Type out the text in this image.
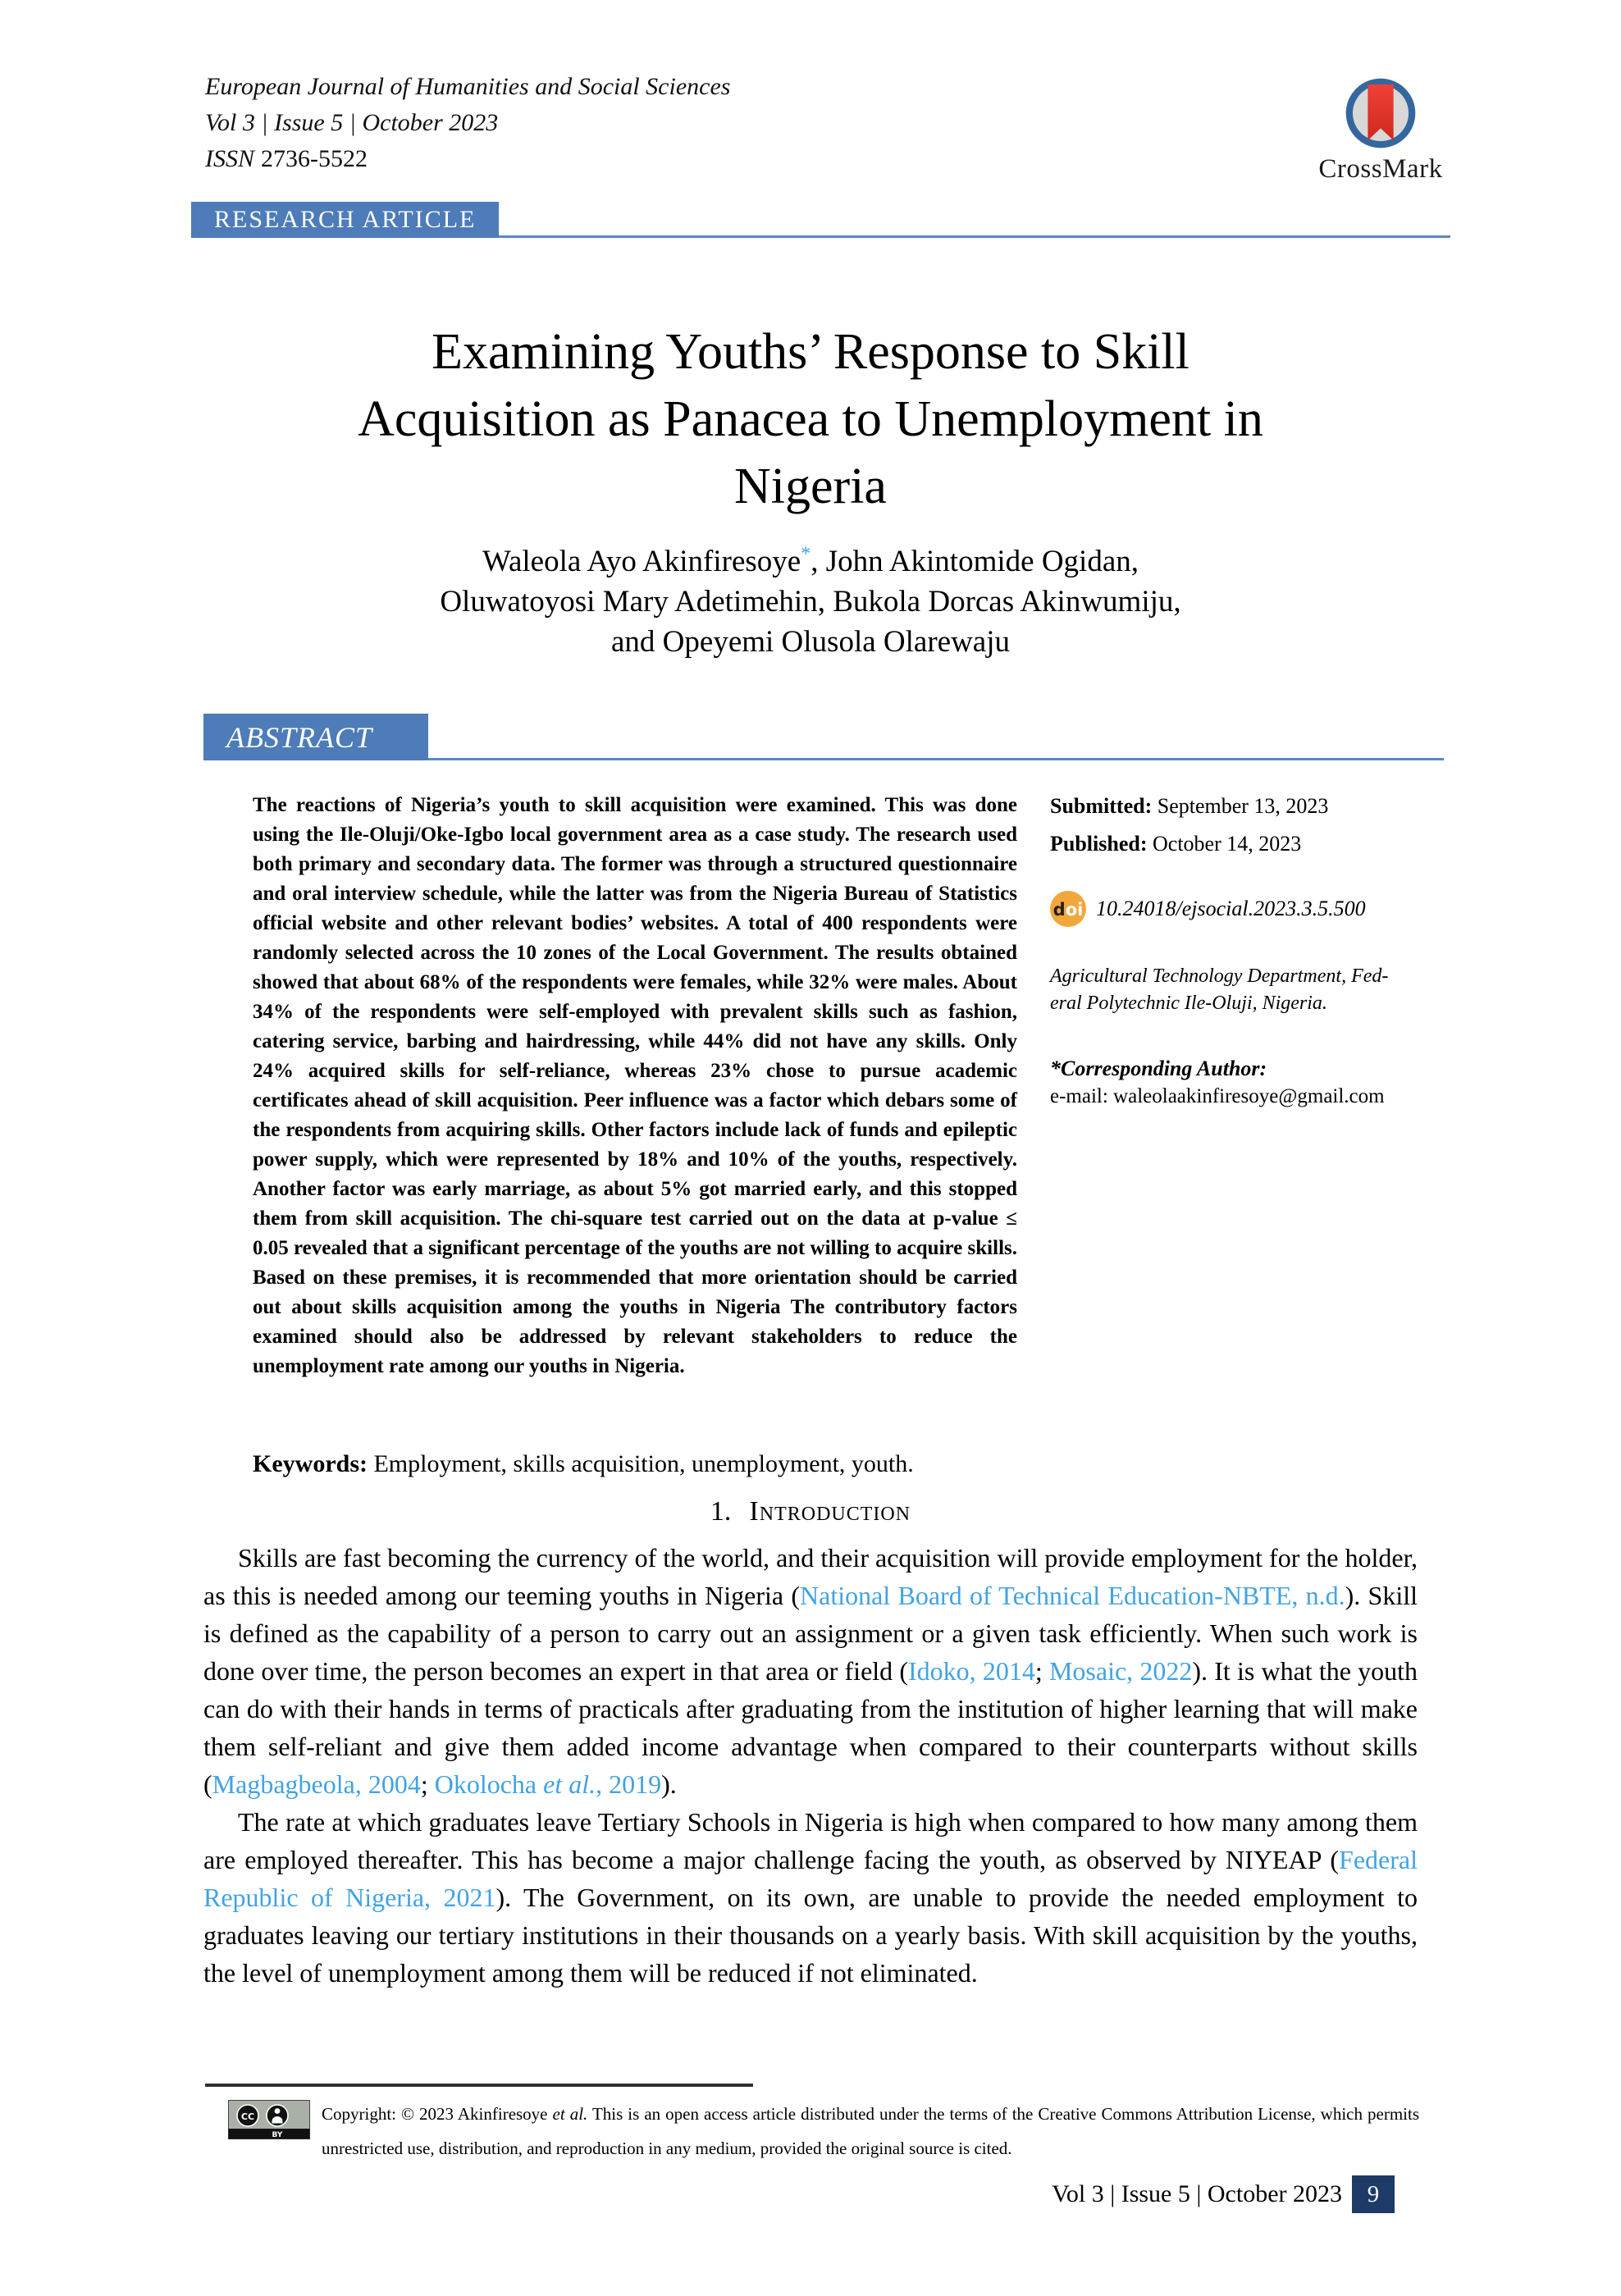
European Journal of Humanities and Social Sciences
Vol 3 | Issue 5 | October 2023
ISSN 2736-5522	CrossMark
RESEARCH ARTICLE
Examining Youths’ Response to Skill
Acquisition as Panacea to Unemployment in
Nigeria
Waleola Ayo Akinfiresoye*, John Akintomide Ogidan,
Oluwatoyosi Mary Adetimehin, Bukola Dorcas Akinwumiju,
and Opeyemi Olusola Olarewaju
ABSTRACT
The reactions of Nigeria’s youth to skill acquisition were examined. This was done using the Ile-Oluji/Oke-Igbo local government area as a case study. The research used both primary and secondary data. The former was through a structured questionnaire and oral interview schedule, while the latter was from the Nigeria Bureau of Statistics official website and other relevant bodies’ websites. A total of 400 respondents were randomly selected across the 10 zones of the Local Government. The results obtained showed that about 68% of the respondents were females, while 32% were males. About 34% of the respondents were self-employed with prevalent skills such as fashion, catering service, barbing and hairdressing, while 44% did not have any skills. Only 24% acquired skills for self-reliance, whereas 23% chose to pursue academic certificates ahead of skill acquisition. Peer influence was a factor which debars some of the respondents from acquiring skills. Other factors include lack of funds and epileptic power supply, which were represented by 18% and 10% of the youths, respectively. Another factor was early marriage, as about 5% got married early, and this stopped them from skill acquisition. The chi-square test carried out on the data at p-value ≤ 0.05 revealed that a significant percentage of the youths are not willing to acquire skills. Based on these premises, it is recommended that more orientation should be carried out about skills acquisition among the youths in Nigeria The contributory factors examined should also be addressed by relevant stakeholders to reduce the unemployment rate among our youths in Nigeria.
Submitted: September 13, 2023
Published: October 14, 2023
doi 10.24018/ejsocial.2023.3.5.500
Agricultural Technology Department, Fed-
eral Polytechnic Ile-Oluji, Nigeria.
*Corresponding Author:
e-mail: waleolaakinfiresoye@gmail.com
Keywords: Employment, skills acquisition, unemployment, youth.
1. Introduction

Skills are fast becoming the currency of the world, and their acquisition will provide employment for the holder, as this is needed among our teeming youths in Nigeria (National Board of Technical Education-NBTE, n.d.). Skill is defined as the capability of a person to carry out an assignment or a given task efficiently. When such work is done over time, the person becomes an expert in that area or field (Idoko, 2014; Mosaic, 2022). It is what the youth can do with their hands in terms of practicals after graduating from the institution of higher learning that will make them self-reliant and give them added income advantage when compared to their counterparts without skills (Magbagbeola, 2004; Okolocha et al., 2019).

The rate at which graduates leave Tertiary Schools in Nigeria is high when compared to how many among them are employed thereafter. This has become a major challenge facing the youth, as observed by NIYEAP (Federal Republic of Nigeria, 2021). The Government, on its own, are unable to provide the needed employment to graduates leaving our tertiary institutions in their thousands on a yearly basis. With skill acquisition by the youths, the level of unemployment among them will be reduced if not eliminated.

CC
BY
Copyright: © 2023 Akinfiresoye et al. This is an open access article distributed under the terms of the Creative Commons Attribution License, which permits unrestricted use, distribution, and reproduction in any medium, provided the original source is cited.
Vol 3 | Issue 5 | October 2023	9
